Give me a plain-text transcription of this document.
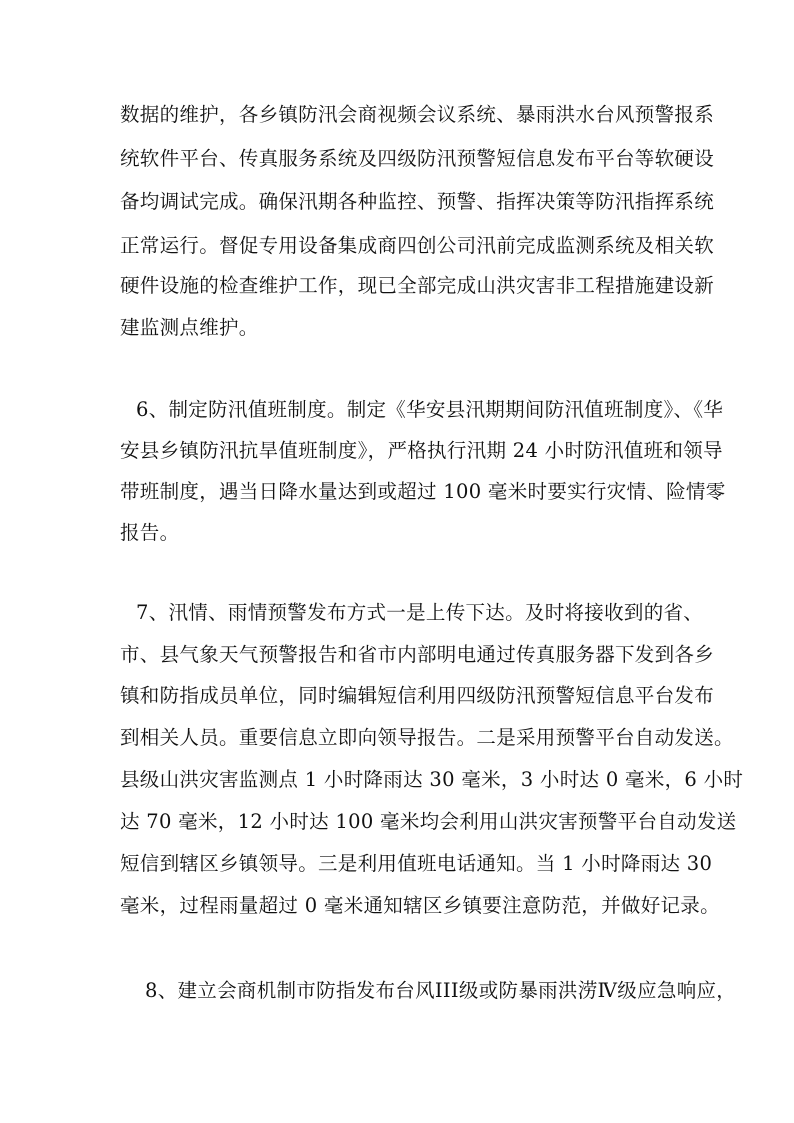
数据的维护，各乡镇防汛会商视频会议系统、暴雨洪水台风预警报系
统软件平台、传真服务系统及四级防汛预警短信息发布平台等软硬设
备均调试完成。确保汛期各种监控、预警、指挥决策等防汛指挥系统
正常运行。督促专用设备集成商四创公司汛前完成监测系统及相关软
硬件设施的检查维护工作，现已全部完成山洪灾害非工程措施建设新
建监测点维护。
6、制定防汛值班制度。制定《华安县汛期期间防汛值班制度》、《华
安县乡镇防汛抗旱值班制度》，严格执行汛期 24 小时防汛值班和领导
带班制度，遇当日降水量达到或超过 100 毫米时要实行灾情、险情零
报告。
7、汛情、雨情预警发布方式一是上传下达。及时将接收到的省、
市、县气象天气预警报告和省市内部明电通过传真服务器下发到各乡
镇和防指成员单位，同时编辑短信利用四级防汛预警短信息平台发布
到相关人员。重要信息立即向领导报告。二是采用预警平台自动发送。
县级山洪灾害监测点 1 小时降雨达 30 毫米，3 小时达 0 毫米，6 小时
达 70 毫米，12 小时达 100 毫米均会利用山洪灾害预警平台自动发送
短信到辖区乡镇领导。三是利用值班电话通知。当 1 小时降雨达 30
毫米，过程雨量超过 0 毫米通知辖区乡镇要注意防范，并做好记录。
8、建立会商机制市防指发布台风III级或防暴雨洪涝Ⅳ级应急响应，
